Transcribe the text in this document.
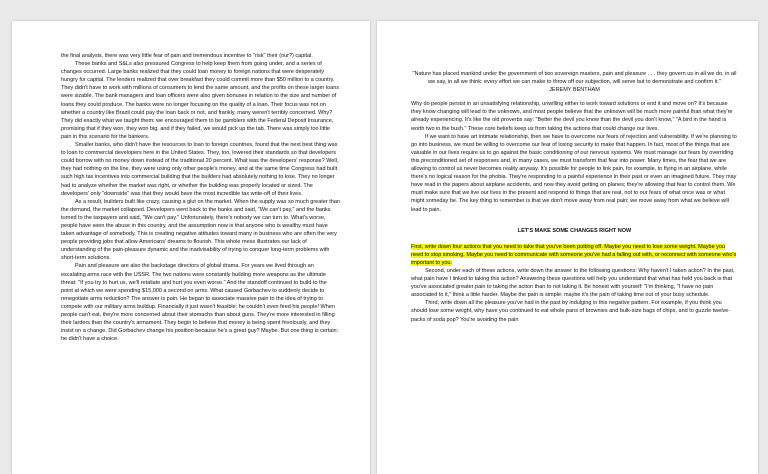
the final analysis, there was very little fear of pain and tremendous incentive to "risk" their (our?) capital.

These banks and S&Ls also pressured Congress to help keep them from going under, and a series of changes occurred. Large banks realized that they could loan money to foreign nations that were desperately hungry for capital. The lenders realized that over breakfast they could commit more than $50 million to a country. They didn't have to work with millions of consumers to lend the same amount, and the profits on these larger loans were sizable. The bank managers and loan officers were also given bonuses in relation to the size and number of loans they could produce. The banks were no longer focusing on the quality of a loan. Their focus was not on whether a country like Brazil could pay the loan back or not, and frankly, many weren't terribly concerned. Why? They did exactly what we taught them: we encouraged them to be gamblers with the Federal Deposit Insurance, promising that if they won, they won big, and if they failed, we would pick up the tab. There was simply too little pain in this scenario for the bankers.

Smaller banks, who didn't have the resources to loan to foreign countries, found that the next best thing was to loan to commercial developers here in the United States. They, too, lowered their standards so that developers could borrow with no money down instead of the traditional 20 percent. What was the developers' response? Well, they had nothing on the line, they were using only other people's money, and at the same time Congress had built such high tax incentives into commercial building that the builders had absolutely nothing to lose. They no longer had to analyze whether the market was right, or whether the building was properly located or sized. The developers' only "downside" was that they would have the most incredible tax write-off of their lives.

As a result, builders built like crazy, causing a glut on the market. When the supply was so much greater than the demand, the market collapsed. Developers went back to the banks and said, "We can't pay," and the banks turned to the taxpayers and said, "We can't pay." Unfortunately, there's nobody we can turn to. What's worse, people have seen the abuse in this country, and the assumption now is that anyone who is wealthy must have taken advantage of somebody. This is creating negative attitudes toward many in business who are often the very people providing jobs that allow Americans' dreams to flourish. This whole mess illustrates our lack of understanding of the pain-pleasure dynamic and the inadvisability of trying to conquer long-term problems with short-term solutions.

Pain and pleasure are also the backstage directors of global drama. For years we lived through an escalating arms race with the USSR. The two nations were constantly building more weapons as the ultimate threat: "If you try to hurt us, we'll retaliate and hurt you even worse." And the standoff continued to build to the point at which we were spending $15,000 a second on arms. What caused Gorbachev to suddenly decide to renegotiate arms reduction? The answer is pain. He began to associate massive pain to the idea of trying to compete with our military arms buildup. Financially it just wasn't feasible; he couldn't even feed his people! When people can't eat, they're more concerned about their stomachs than about guns. They're more interested in filling their larders than the country's armament. They begin to believe that money is being spent frivolously, and they insist on a change. Did Gorbachev change his position because he's a great guy? Maybe. But one thing is certain: he didn't have a choice.

"Nature has placed mankind under the government of two sovereign masters, pain and pleasure . . . they govern us in all we do, in all we say, in all we think: every effort we can make to throw off our subjection, will serve but to demonstrate and confirm it."

JEREMY BENTHAM

Why do people persist in an unsatisfying relationship, unwilling either to work toward solutions or end it and move on? It's because they know changing will lead to the unknown, and most people believe that the unknown will be much more painful than what they're already experiencing. It's like the old proverbs say: "Better the devil you know than the devil you don't know," "A bird in the hand is worth two in the bush." These core beliefs keep us from taking the actions that could change our lives.

If we want to have art intimate relationship, then we have to overcome our fears of rejection and vulnerability. If we're planning to go into business, we must be willing to overcome our fear of losing security to make that happen. In fact, most of the things that are valuable in our lives require us to go against the basic conditioning of our nervous systems. We must manage our fears by overriding this preconditioned set of responses and, in many cases, we must transform that fear into power. Many times, the fear that we are allowing to control us never becomes reality anyway. It's possible for people to link pain, for example, to flying in an airplane, while there's no logical reason for the phobia. They're responding to a painful experience in their past or even an imagined future. They may have read in the papers about airplane accidents, and now they avoid getting on planes; they're allowing that fear to control them. We must make sure that we live our lives in the present and respond to things that are real, not to our fears of what once was or what might someday be. The key thing to remember is that we don't move away from real pain; we move away from what we believe will lead to pain.

LET'S MAKE SOME CHANGES RIGHT NOW

First, write down four actions that you need to take that you've been putting off. Maybe you need to lose some weight. Maybe you need to stop smoking. Maybe you need to communicate with someone you've had a falling out with, or reconnect with someone who's important to you.

Second, under each of these actions, write down the answer to the following questions: Why haven't I taken action? In the past, what pain have I linked to taking this action? Answering these questions will help you understand that what has held you back is that you've associated greater pain to taking the action than to not taking it. Be honest with yourself: "I'm thinking, "I have no pain associated to it," think a little harder. Maybe the pain is simple: maybe it's the pain of taking time out of your busy schedule.

Third, write down all the pleasure you've had in the past by indulging in this negative pattern. For example, if you think you should lose some weight, why have you continued to eat whole pans of brownies and bulk-size bags of chips, and to guzzle twelve-packs of soda pop? You're avoiding the pain
